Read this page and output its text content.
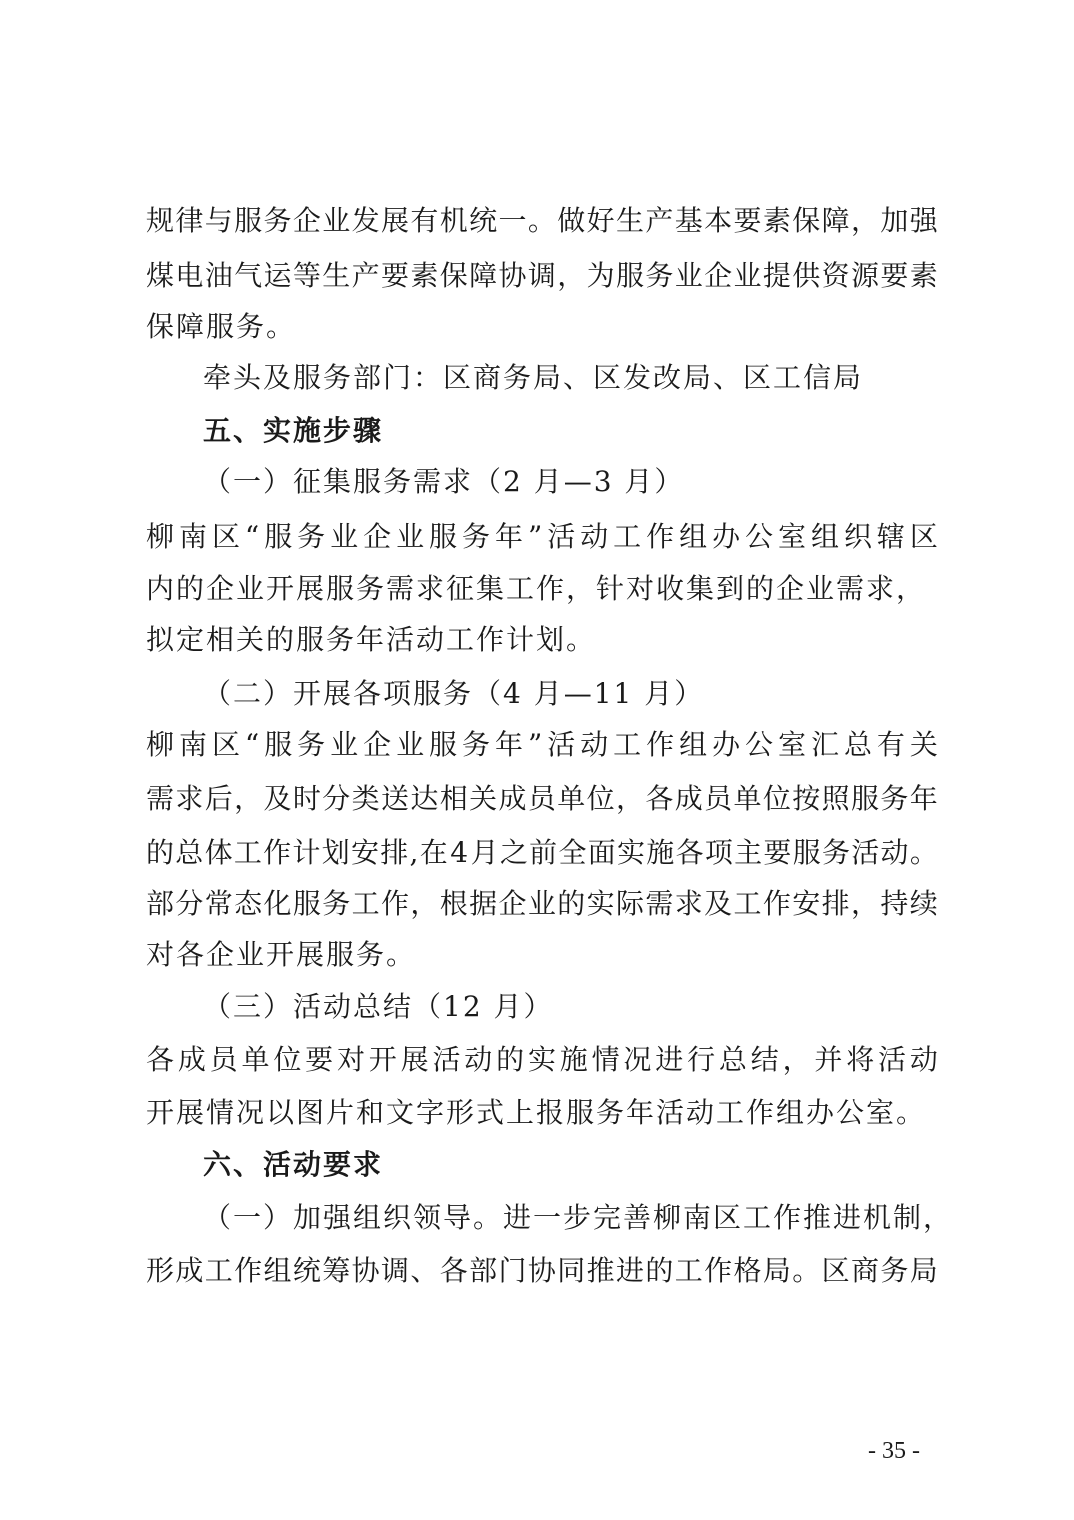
规 律 与 服 务 企 业 发 展 有 机 统 一 。 做 好 生 产 基 本 要 素 保 障 ， 加 强
煤 电 油 气 运 等 生 产 要 素 保 障 协 调 ， 为 服 务 业 企 业 提 供 资 源 要 素
保障服务。
牵头及服务部门：区商务局、区发改局、区工信局
五、实施步骤
（一）征集服务需求（2 月—3 月）
柳 南 区 “ 服 务 业 企 业 服 务 年 ” 活 动 工 作 组 办 公 室 组 织 辖 区
内的企业开展服务需求征集工作，针对收集到的企业需求，
拟定相关的服务年活动工作计划。
（二）开展各项服务（4 月—11 月）
柳 南 区 “ 服 务 业 企 业 服 务 年 ” 活 动 工 作 组 办 公 室 汇 总 有 关
需 求 后 ， 及 时 分 类 送 达 相 关 成 员 单 位 ， 各 成 员 单 位 按 照 服 务 年
的 总 体 工 作 计 划 安 排 , 在 4 月 之 前 全 面 实 施 各 项 主 要 服 务 活 动 。
部 分 常 态 化 服 务 工 作 ， 根 据 企 业 的 实 际 需 求 及 工 作 安 排 ， 持 续
对各企业开展服务。
（三）活动总结（12 月）
各 成 员 单 位 要 对 开 展 活 动 的 实 施 情 况 进 行 总 结 ， 并 将 活 动
开展情况以图片和文字形式上报服务年活动工作组办公室。
六、活动要求
（一）加强组织领导。进一步完善柳南区工作推进机制，
形 成 工 作 组 统 筹 协 调 、 各 部 门 协 同 推 进 的 工 作 格 局 。 区 商 务 局
- 35 -
